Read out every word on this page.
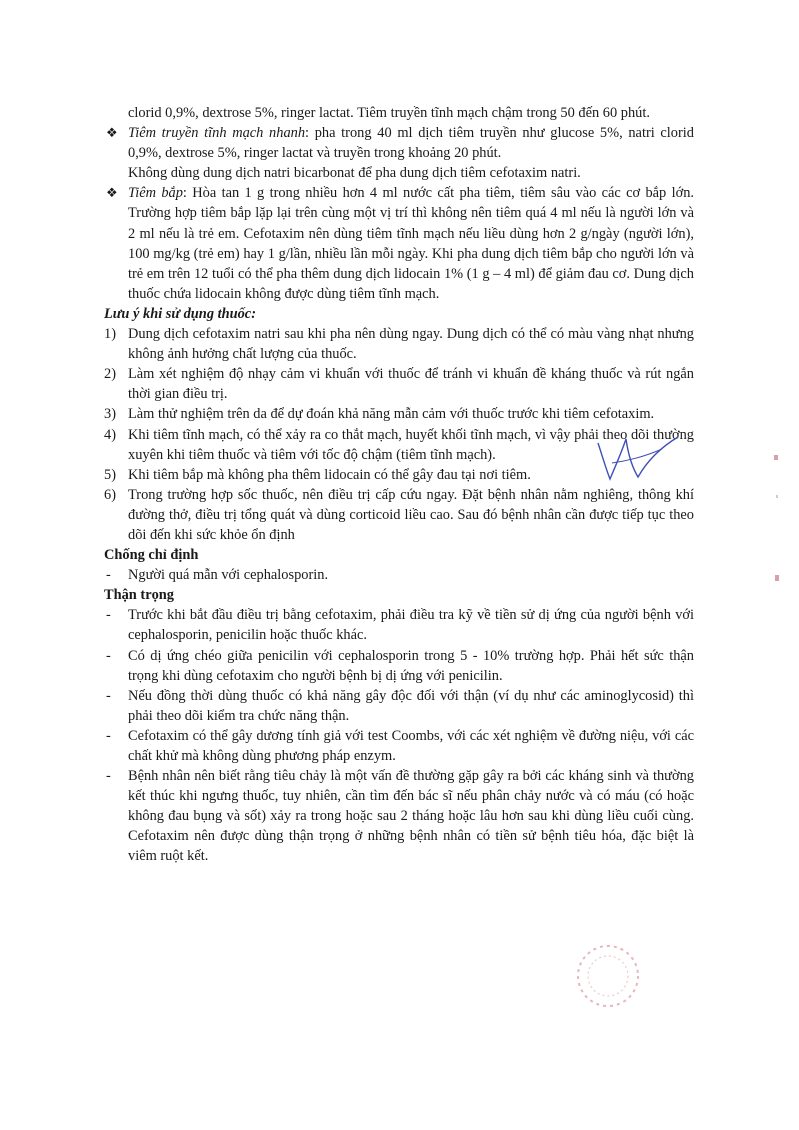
clorid 0,9%, dextrose 5%, ringer lactat. Tiêm truyền tĩnh mạch chậm trong 50 đến 60 phút.
❖ Tiêm truyền tĩnh mạch nhanh: pha trong 40 ml dịch tiêm truyền như glucose 5%, natri clorid 0,9%, dextrose 5%, ringer lactat và truyền trong khoảng 20 phút.
Không dùng dung dịch natri bicarbonat để pha dung dịch tiêm cefotaxim natri.
❖ Tiêm bắp: Hòa tan 1 g trong nhiều hơn 4 ml nước cất pha tiêm, tiêm sâu vào các cơ bắp lớn. Trường hợp tiêm bắp lặp lại trên cùng một vị trí thì không nên tiêm quá 4 ml nếu là người lớn và 2 ml nếu là trẻ em. Cefotaxim nên dùng tiêm tĩnh mạch nếu liều dùng hơn 2 g/ngày (người lớn), 100 mg/kg (trẻ em) hay 1 g/lần, nhiều lần mỗi ngày. Khi pha dung dịch tiêm bắp cho người lớn và trẻ em trên 12 tuổi có thể pha thêm dung dịch lidocain 1% (1 g – 4 ml) để giảm đau cơ. Dung dịch thuốc chứa lidocain không được dùng tiêm tĩnh mạch.
Lưu ý khi sử dụng thuốc:
1) Dung dịch cefotaxim natri sau khi pha nên dùng ngay. Dung dịch có thể có màu vàng nhạt nhưng không ảnh hưởng chất lượng của thuốc.
2) Làm xét nghiệm độ nhạy cảm vi khuẩn với thuốc để tránh vi khuẩn đề kháng thuốc và rút ngắn thời gian điều trị.
3) Làm thử nghiệm trên da để dự đoán khả năng mẫn cảm với thuốc trước khi tiêm cefotaxim.
4) Khi tiêm tĩnh mạch, có thể xảy ra co thắt mạch, huyết khối tĩnh mạch, vì vậy phải theo dõi thường xuyên khi tiêm thuốc và tiêm với tốc độ chậm (tiêm tĩnh mạch).
5) Khi tiêm bắp mà không pha thêm lidocain có thể gây đau tại nơi tiêm.
6) Trong trường hợp sốc thuốc, nên điều trị cấp cứu ngay. Đặt bệnh nhân nằm nghiêng, thông khí đường thở, điều trị tổng quát và dùng corticoid liều cao. Sau đó bệnh nhân cần được tiếp tục theo dõi đến khi sức khỏe ổn định
Chống chỉ định
- Người quá mẫn với cephalosporin.
Thận trọng
- Trước khi bắt đầu điều trị bằng cefotaxim, phải điều tra kỹ về tiền sử dị ứng của người bệnh với cephalosporin, penicilin hoặc thuốc khác.
- Có dị ứng chéo giữa penicilin với cephalosporin trong 5 - 10% trường hợp. Phải hết sức thận trọng khi dùng cefotaxim cho người bệnh bị dị ứng với penicilin.
- Nếu đồng thời dùng thuốc có khả năng gây độc đối với thận (ví dụ như các aminoglycosid) thì phải theo dõi kiểm tra chức năng thận.
- Cefotaxim có thể gây dương tính giả với test Coombs, với các xét nghiệm về đường niệu, với các chất khử mà không dùng phương pháp enzym.
- Bệnh nhân nên biết rằng tiêu chảy là một vấn đề thường gặp gây ra bởi các kháng sinh và thường kết thúc khi ngưng thuốc, tuy nhiên, cần tìm đến bác sĩ nếu phân chảy nước và có máu (có hoặc không đau bụng và sốt) xảy ra trong hoặc sau 2 tháng hoặc lâu hơn sau khi dùng liều cuối cùng. Cefotaxim nên được dùng thận trọng ở những bệnh nhân có tiền sử bệnh tiêu hóa, đặc biệt là viêm ruột kết.
